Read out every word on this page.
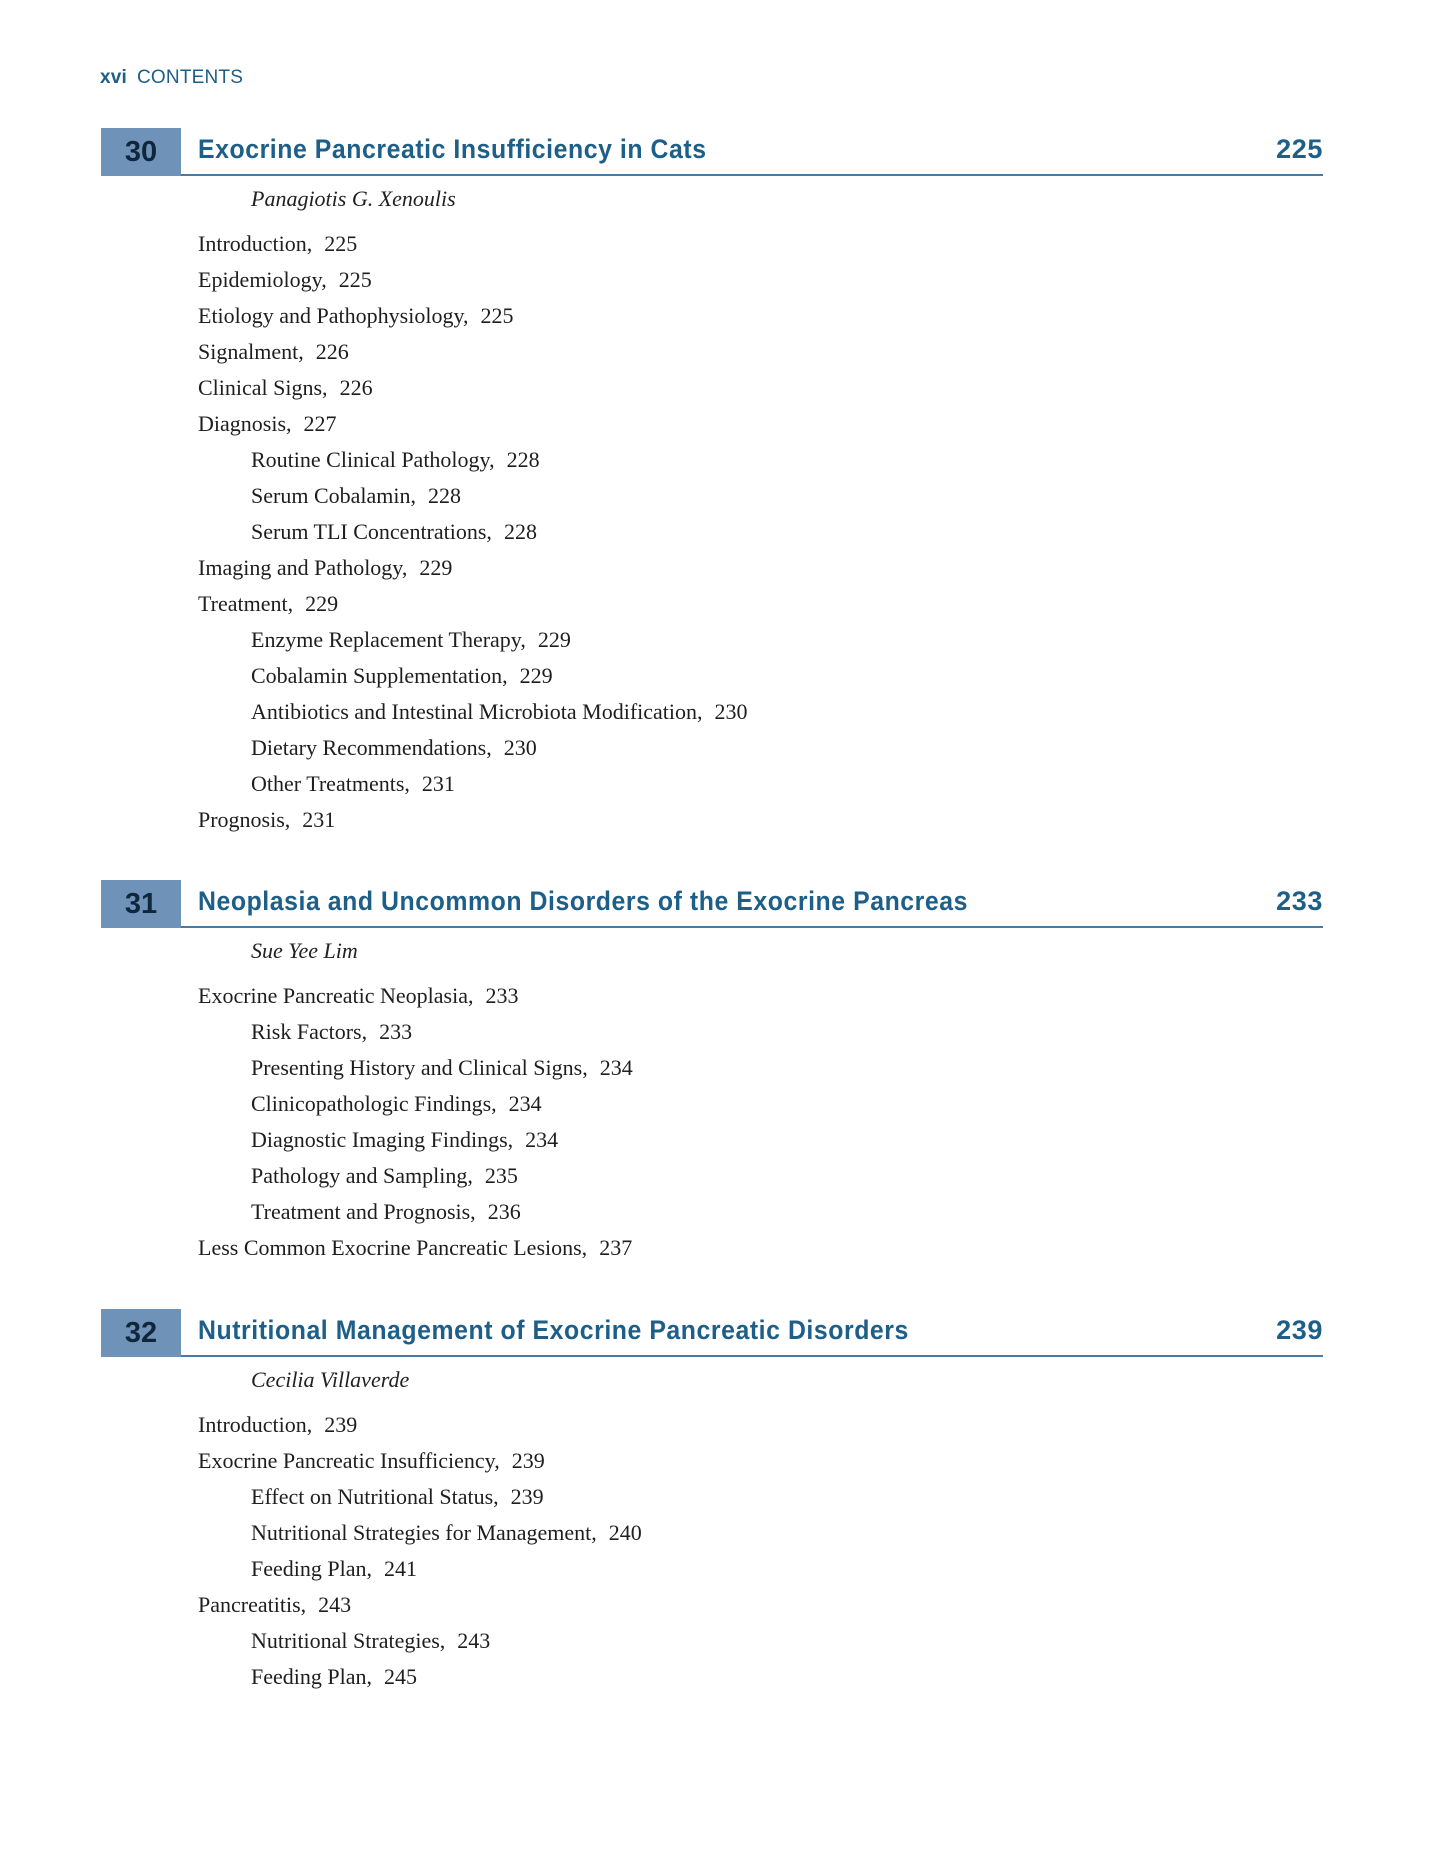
xvi CONTENTS
30	Exocrine Pancreatic Insufficiency in Cats	225
Panagiotis G. Xenoulis
Introduction, 225
Epidemiology, 225
Etiology and Pathophysiology, 225
Signalment, 226
Clinical Signs, 226
Diagnosis, 227
Routine Clinical Pathology, 228
Serum Cobalamin, 228
Serum TLI Concentrations, 228
Imaging and Pathology, 229
Treatment, 229
Enzyme Replacement Therapy, 229
Cobalamin Supplementation, 229
Antibiotics and Intestinal Microbiota Modification, 230
Dietary Recommendations, 230
Other Treatments, 231
Prognosis, 231
31	Neoplasia and Uncommon Disorders of the Exocrine Pancreas	233
Sue Yee Lim
Exocrine Pancreatic Neoplasia, 233
Risk Factors, 233
Presenting History and Clinical Signs, 234
Clinicopathologic Findings, 234
Diagnostic Imaging Findings, 234
Pathology and Sampling, 235
Treatment and Prognosis, 236
Less Common Exocrine Pancreatic Lesions, 237
32	Nutritional Management of Exocrine Pancreatic Disorders	239
Cecilia Villaverde
Introduction, 239
Exocrine Pancreatic Insufficiency, 239
Effect on Nutritional Status, 239
Nutritional Strategies for Management, 240
Feeding Plan, 241
Pancreatitis, 243
Nutritional Strategies, 243
Feeding Plan, 245
